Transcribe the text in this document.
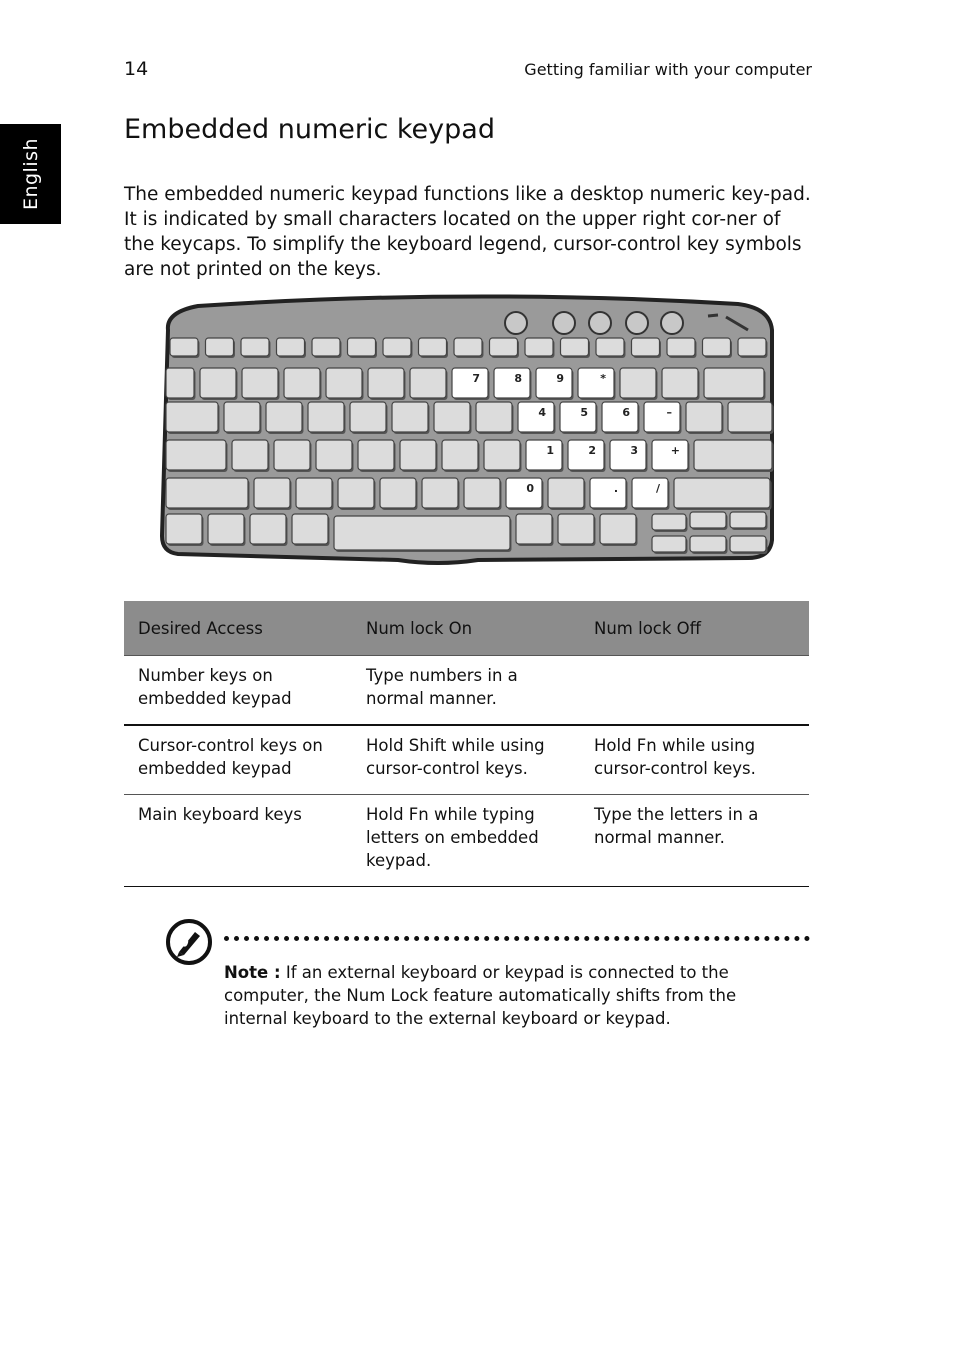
14	Getting familiar with your computer
English
Embedded numeric keypad

The embedded numeric keypad functions like a desktop numeric key-pad. It is indicated by small characters located on the upper right cor-ner of the keycaps. To simplify the keyboard legend, cursor-control key symbols are not printed on the keys.

7	8	9	*
4	5	6	–
1	2	3	+
0	.	/
Desired Access	Num lock On	Num lock Off
Number keys on embedded keypad	Type numbers in a normal manner.	
Cursor-control keys on embedded keypad	Hold Shift while using cursor-control keys.	Hold Fn while using cursor-control keys.
Main keyboard keys	Hold Fn while typing letters on embedded keypad.	Type the letters in a normal manner.

Note : If an external keyboard or keypad is connected to the computer, the Num Lock feature automatically shifts from the internal keyboard to the external keyboard or keypad.
